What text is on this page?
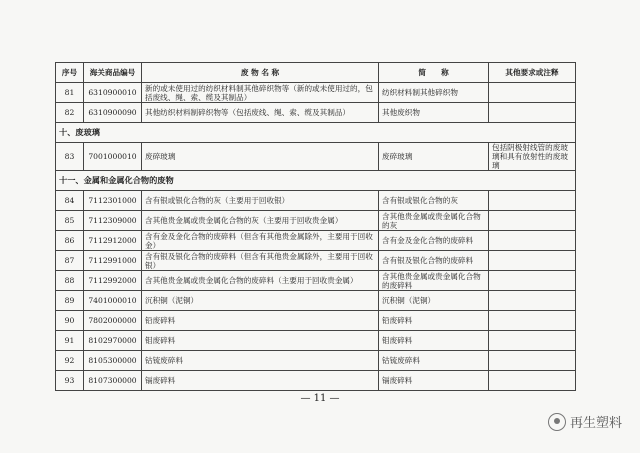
序号	海关商品编号	废 物 名 称	简　　称	其他要求或注释
81	6310900010	新的或未使用过的纺织材料制其他碎织物等（新的或未使用过的，包括废线、绳、索、缆及其制品）	纺织材料制其他碎织物	
82	6310900090	其他纺织材料制碎织物等（包括废线、绳、索、缆及其制品）	其他废织物	
十、废玻璃				
83	7001000010	废碎玻璃	废碎玻璃	包括阴极射线管的废玻璃和具有放射性的废玻璃
十一、金属和金属化合物的废物				
84	7112301000	含有银或银化合物的灰（主要用于回收银）	含有银或银化合物的灰	
85	7112309000	含其他贵金属或贵金属化合物的灰（主要用于回收贵金属）	含其他贵金属或贵金属化合物的灰	
86	7112912000	含有金及金化合物的废碎料（但含有其他贵金属除外，主要用于回收金）	含有金及金化合物的废碎料	
87	7112991000	含有银及银化合物的废碎料（但含有其他贵金属除外，主要用于回收银）	含有银及银化合物的废碎料	
88	7112992000	含其他贵金属或贵金属化合物的废碎料（主要用于回收贵金属）	含其他贵金属或贵金属化合物的废碎料	
89	7401000010	沉积铜（泥铜）	沉积铜（泥铜）	
90	7802000000	铅废碎料	铅废碎料	
91	8102970000	钼废碎料	钼废碎料	
92	8105300000	钴锍废碎料	钴锍废碎料	
93	8107300000	镉废碎料	镉废碎料	
— 11 —
再生塑料
